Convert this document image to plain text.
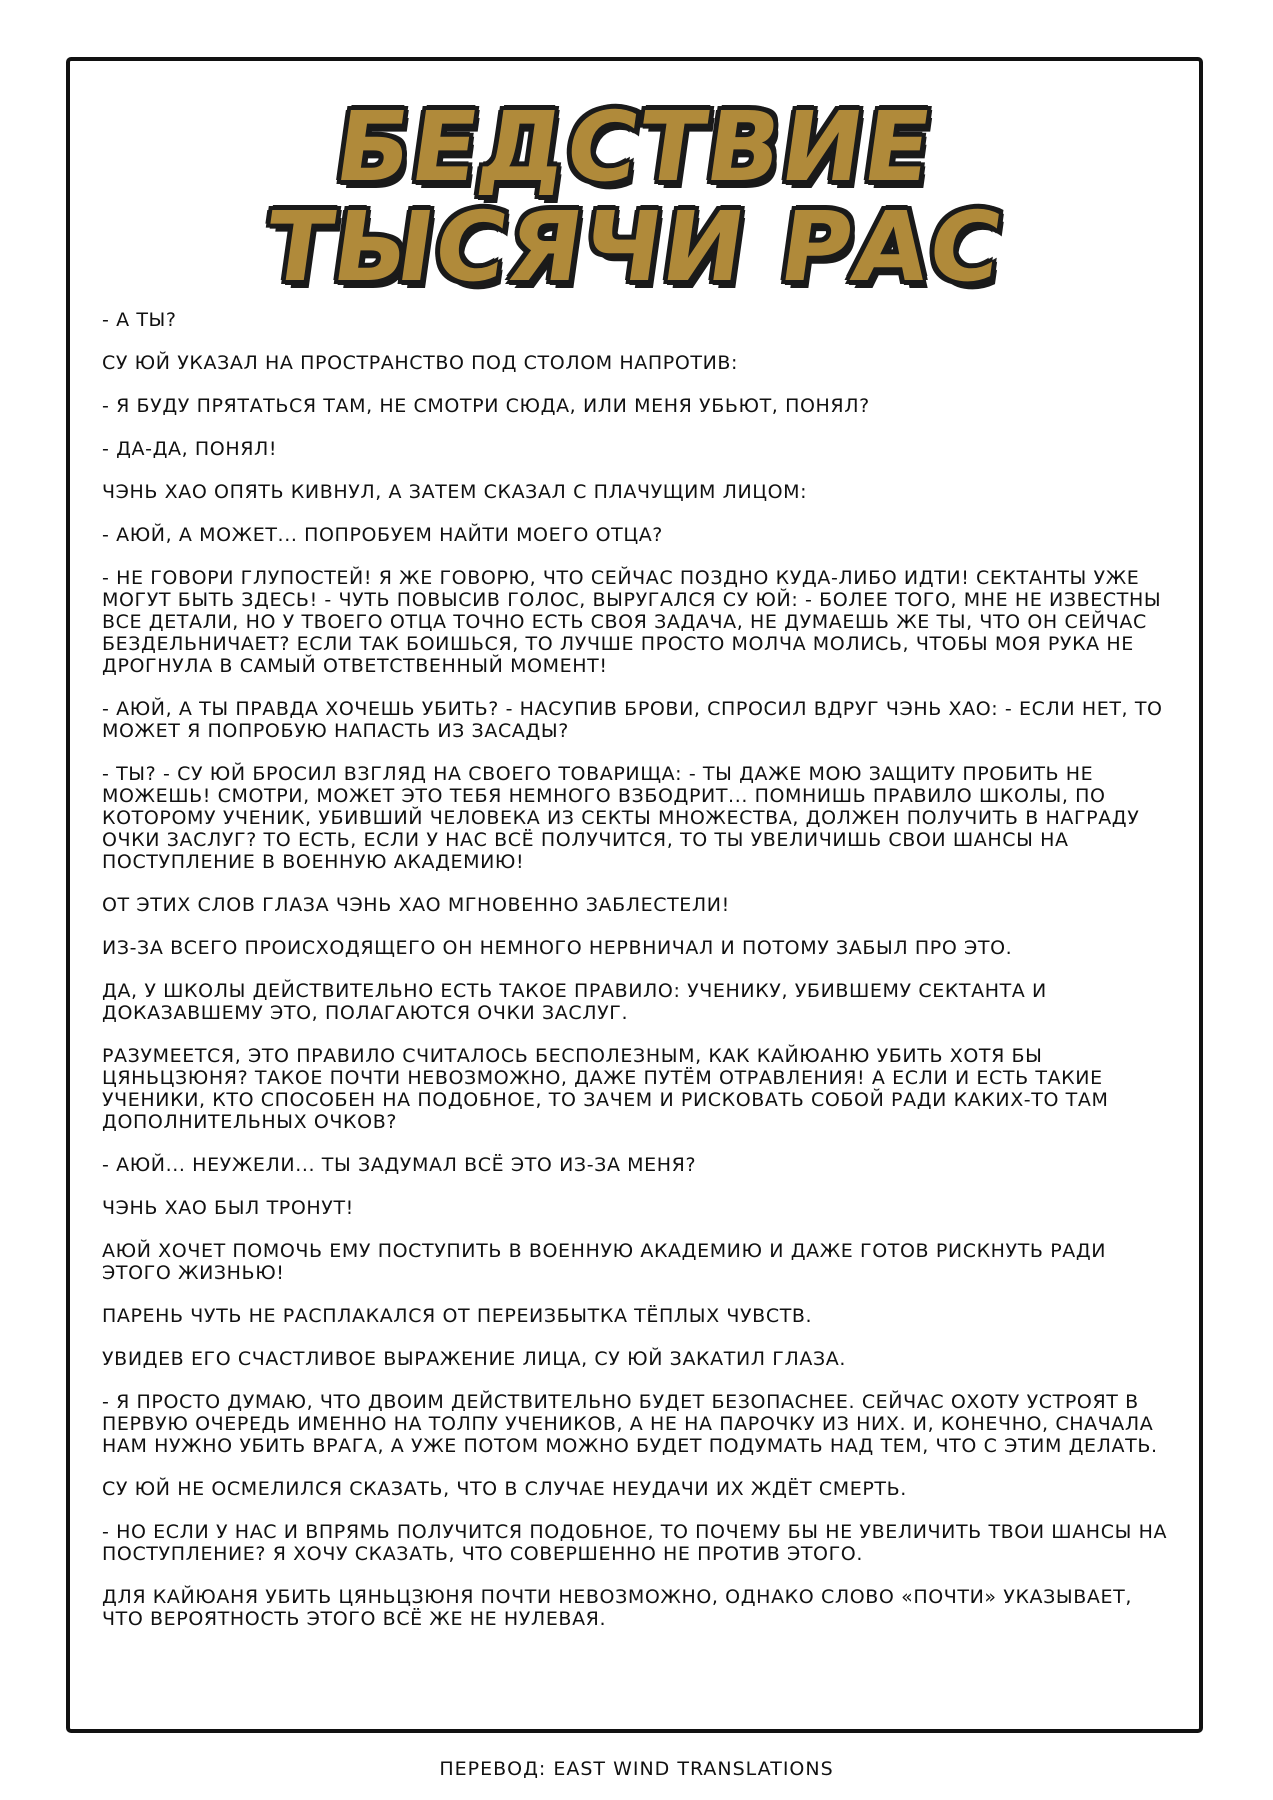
БЕДСТВИЕ
ТЫСЯЧИ РАС

- А ТЫ?

СУ ЮЙ УКАЗАЛ НА ПРОСТРАНСТВО ПОД СТОЛОМ НАПРОТИВ:

- Я БУДУ ПРЯТАТЬСЯ ТАМ, НЕ СМОТРИ СЮДА, ИЛИ МЕНЯ УБЬЮТ, ПОНЯЛ?

- ДА-ДА, ПОНЯЛ!

ЧЭНЬ ХАО ОПЯТЬ КИВНУЛ, А ЗАТЕМ СКАЗАЛ С ПЛАЧУЩИМ ЛИЦОМ:

- АЮЙ, А МОЖЕТ... ПОПРОБУЕМ НАЙТИ МОЕГО ОТЦА?

- НЕ ГОВОРИ ГЛУПОСТЕЙ! Я ЖЕ ГОВОРЮ, ЧТО СЕЙЧАС ПОЗДНО КУДА-ЛИБО ИДТИ! СЕКТАНТЫ УЖЕ МОГУТ БЫТЬ ЗДЕСЬ! - ЧУТЬ ПОВЫСИВ ГОЛОС, ВЫРУГАЛСЯ СУ ЮЙ: - БОЛЕЕ ТОГО, МНЕ НЕ ИЗВЕСТНЫ ВСЕ ДЕТАЛИ, НО У ТВОЕГО ОТЦА ТОЧНО ЕСТЬ СВОЯ ЗАДАЧА, НЕ ДУМАЕШЬ ЖЕ ТЫ, ЧТО ОН СЕЙЧАС БЕЗДЕЛЬНИЧАЕТ? ЕСЛИ ТАК БОИШЬСЯ, ТО ЛУЧШЕ ПРОСТО МОЛЧА МОЛИСЬ, ЧТОБЫ МОЯ РУКА НЕ ДРОГНУЛА В САМЫЙ ОТВЕТСТВЕННЫЙ МОМЕНТ!

- АЮЙ, А ТЫ ПРАВДА ХОЧЕШЬ УБИТЬ? - НАСУПИВ БРОВИ, СПРОСИЛ ВДРУГ ЧЭНЬ ХАО: - ЕСЛИ НЕТ, ТО МОЖЕТ Я ПОПРОБУЮ НАПАСТЬ ИЗ ЗАСАДЫ?

- ТЫ? - СУ ЮЙ БРОСИЛ ВЗГЛЯД НА СВОЕГО ТОВАРИЩА: - ТЫ ДАЖЕ МОЮ ЗАЩИТУ ПРОБИТЬ НЕ МОЖЕШЬ! СМОТРИ, МОЖЕТ ЭТО ТЕБЯ НЕМНОГО ВЗБОДРИТ... ПОМНИШЬ ПРАВИЛО ШКОЛЫ, ПО КОТОРОМУ УЧЕНИК, УБИВШИЙ ЧЕЛОВЕКА ИЗ СЕКТЫ МНОЖЕСТВА, ДОЛЖЕН ПОЛУЧИТЬ В НАГРАДУ ОЧКИ ЗАСЛУГ? ТО ЕСТЬ, ЕСЛИ У НАС ВСЁ ПОЛУЧИТСЯ, ТО ТЫ УВЕЛИЧИШЬ СВОИ ШАНСЫ НА ПОСТУПЛЕНИЕ В ВОЕННУЮ АКАДЕМИЮ!

ОТ ЭТИХ СЛОВ ГЛАЗА ЧЭНЬ ХАО МГНОВЕННО ЗАБЛЕСТЕЛИ!

ИЗ-ЗА ВСЕГО ПРОИСХОДЯЩЕГО ОН НЕМНОГО НЕРВНИЧАЛ И ПОТОМУ ЗАБЫЛ ПРО ЭТО.

ДА, У ШКОЛЫ ДЕЙСТВИТЕЛЬНО ЕСТЬ ТАКОЕ ПРАВИЛО: УЧЕНИКУ, УБИВШЕМУ СЕКТАНТА И ДОКАЗАВШЕМУ ЭТО, ПОЛАГАЮТСЯ ОЧКИ ЗАСЛУГ.

РАЗУМЕЕТСЯ, ЭТО ПРАВИЛО СЧИТАЛОСЬ БЕСПОЛЕЗНЫМ, КАК КАЙЮАНЮ УБИТЬ ХОТЯ БЫ ЦЯНЬЦЗЮНЯ? ТАКОЕ ПОЧТИ НЕВОЗМОЖНО, ДАЖЕ ПУТЁМ ОТРАВЛЕНИЯ! А ЕСЛИ И ЕСТЬ ТАКИЕ УЧЕНИКИ, КТО СПОСОБЕН НА ПОДОБНОЕ, ТО ЗАЧЕМ И РИСКОВАТЬ СОБОЙ РАДИ КАКИХ-ТО ТАМ ДОПОЛНИТЕЛЬНЫХ ОЧКОВ?

- АЮЙ... НЕУЖЕЛИ... ТЫ ЗАДУМАЛ ВСЁ ЭТО ИЗ-ЗА МЕНЯ?

ЧЭНЬ ХАО БЫЛ ТРОНУТ!

АЮЙ ХОЧЕТ ПОМОЧЬ ЕМУ ПОСТУПИТЬ В ВОЕННУЮ АКАДЕМИЮ И ДАЖЕ ГОТОВ РИСКНУТЬ РАДИ ЭТОГО ЖИЗНЬЮ!

ПАРЕНЬ ЧУТЬ НЕ РАСПЛАКАЛСЯ ОТ ПЕРЕИЗБЫТКА ТЁПЛЫХ ЧУВСТВ.

УВИДЕВ ЕГО СЧАСТЛИВОЕ ВЫРАЖЕНИЕ ЛИЦА, СУ ЮЙ ЗАКАТИЛ ГЛАЗА.

- Я ПРОСТО ДУМАЮ, ЧТО ДВОИМ ДЕЙСТВИТЕЛЬНО БУДЕТ БЕЗОПАСНЕЕ. СЕЙЧАС ОХОТУ УСТРОЯТ В ПЕРВУЮ ОЧЕРЕДЬ ИМЕННО НА ТОЛПУ УЧЕНИКОВ, А НЕ НА ПАРОЧКУ ИЗ НИХ. И, КОНЕЧНО, СНАЧАЛА НАМ НУЖНО УБИТЬ ВРАГА, А УЖЕ ПОТОМ МОЖНО БУДЕТ ПОДУМАТЬ НАД ТЕМ, ЧТО С ЭТИМ ДЕЛАТЬ.

СУ ЮЙ НЕ ОСМЕЛИЛСЯ СКАЗАТЬ, ЧТО В СЛУЧАЕ НЕУДАЧИ ИХ ЖДЁТ СМЕРТЬ.

- НО ЕСЛИ У НАС И ВПРЯМЬ ПОЛУЧИТСЯ ПОДОБНОЕ, ТО ПОЧЕМУ БЫ НЕ УВЕЛИЧИТЬ ТВОИ ШАНСЫ НА ПОСТУПЛЕНИЕ? Я ХОЧУ СКАЗАТЬ, ЧТО СОВЕРШЕННО НЕ ПРОТИВ ЭТОГО.

ДЛЯ КАЙЮАНЯ УБИТЬ ЦЯНЬЦЗЮНЯ ПОЧТИ НЕВОЗМОЖНО, ОДНАКО СЛОВО «ПОЧТИ» УКАЗЫВАЕТ, ЧТО ВЕРОЯТНОСТЬ ЭТОГО ВСЁ ЖЕ НЕ НУЛЕВАЯ.

ПЕРЕВОД: EAST WIND TRANSLATIONS
